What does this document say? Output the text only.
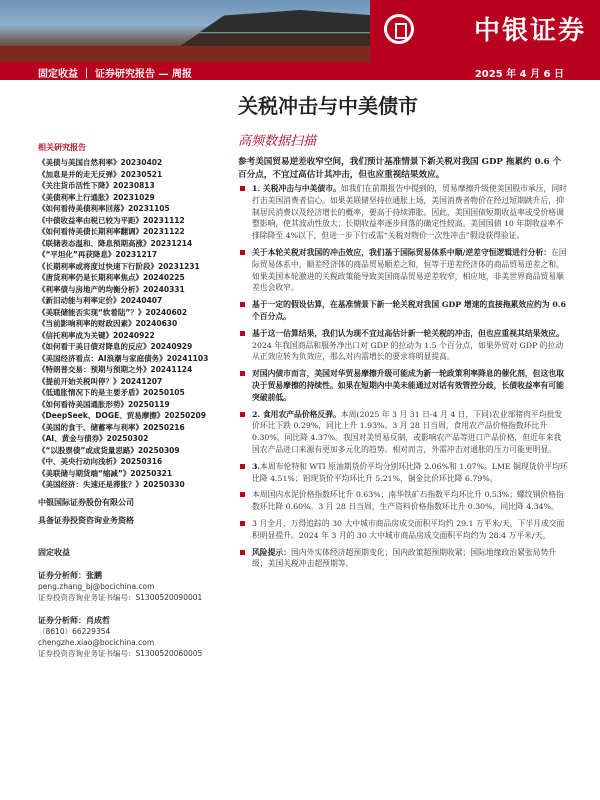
中银证券
固定收益 ｜ 证券研究报告 — 周报	2025 年 4 月 6 日
关税冲击与中美债市
高频数据扫描
相关研究报告
《美债与美国自然利率》20230402
《加息是并的走无反弹》20230521
《关注货币活性下降》20230813
《美债利率上行通胀》20231029
《如何看待美债利率回落》20231105
《中债收益率由税已较为平距》20231112
《如何看待美债长期利率翻调》20231122
《联储表态温和、降息预期高涨》20231214
《“平坦化”再获降息》20231217
《长期利率或将度过快速下行阶段》20231231
《唐货利率仍是长期利率焦点》20240225
《利率债与房地产的均衡分析》20240331
《新旧动能与利率定价》20240407
《美联储能否实现“软着陆”？》20240602
《当前影响利率的财政因素》20240630
《信托利率成为关键》20240922
《如何看干美日债对降息的反应》20240929
《美国经济看点：AI浪潮与家庭债务》20241103
《特朗普交易：预期与预期之外》20241124
《提前开始关税叫停？》20241207
《低通胀情况下的是主要矛盾》20250105
《如何看待美国通胀形势》20250119
《DeepSeek、DOGE、贸易摩擦》20250209
《美国的食干、储蓄率与利率》20250216
《AI、黄金与债券》20250302
《“以股票债”或成货量思路》20250309
《中、美央行动向浅析》20250316
《美联储与期货端“缩减”》20250321
《美国经济：失速还是滞胀？》20250330
中银国际证券股份有限公司
具备证券投资咨询业务资格
固定收益
证券分析师：张鹏
peng.zhang_bj@bocichina.com
证券投资咨询业务证书编号：S1300520090001
证券分析师：肖成哲
（8610）66229354
chengzhe.xiao@bocichina.com
证券投资咨询业务证书编号：S1300520060005
参考美国贸易逆差收窄空间，我们预计基准情景下新关税对我国 GDP 拖累约 0.6 个百分点，不宜过高估计其冲击，但也应重视结果效应。
1. 关税冲击与中美债市。如我们在前期报告中提到的，贸易摩擦升级使美国股市承压，同时打击美国消费者信心。如果美联储坚持拉通胀上场，美国消费者物价在经过短期跳升后，抑制居民消费以及经济增长的概率，要高于持续滞胀。因此，美国国债短期收益率或受价格调整影响，使其波动性放大；长期收益率逐步回落的确定性较高。美国国债 10 年期收益率不排除降至 4%以下，但进一步下行或需“关税对物价一次性冲击”假设获得验证。
关于本轮关税对我国的冲击效应，我们基于国际贸易体系中顺/逆差守恒逻辑进行分析：在国际贸易体系中，顺差经济体的商品贸易顺差之和，恒等于逆差经济体的商品贸易逆差之和。如果美国本轮激进的关税政策能导致美国商品贸易逆差收窄，相应地，非美世界商品贸易顺差也会收窄。
基于一定的假设估算，在基准情景下新一轮关税对我国 GDP 增速的直接拖累效应约为 0.6 个百分点。
基于这一估算结果，我们认为现不宜过高估计新一轮关税的冲击，但也应重视其结果效应。2024 年我国商品和服务净出口对 GDP 的拉动为 1.5 个百分点，如果外贸对 GDP 的拉动从正效应转为负效应，那么对内需增长的要求将明显提高。
对国内债市而言，美国对华贸易摩擦升级可能成为新一轮政策利率降息的催化剂，但这也取决于贸易摩擦的持续性。如果在短期内中美未能通过对话有效管控分歧，长债收益率有可能突破前低。
2. 食用农产品价格反弹。本周(2025 年 3 月 31 日-4 月 4 日，下同)农业部猪肉平均批发价环比下跌 0.29%，同比上升 1.93%。3 月 28 日当周，食用农产品价格指数环比升 0.30%，同比降 4.37%。我国对美贸易反制，或影响农产品等进口产品价格，但近年来我国农产品进口来源有更加多元化的趋势。相对而言，外需冲击对通胀的压力可能更明显。
3.本周布伦特和 WTI 原油期货价平均分别环比降 2.06%和 1.07%。LME 铜现货价平均环比降 4.51%；铝现货价平均环比升 5.21%，铜金比价环比降 6.79%。
本周国内水泥价格指数环比升 0.63%；南华铁矿石指数平均环比升 0.53%；螺纹钢价格指数环比降 0.60%。3 月 28 日当周，生产资料价格指数环比升 0.30%，同比降 4.34%。
3 月全月，万得追踪的 30 大中城市商品房成交面积平均约 29.1 万平米/天，下半月成交面积明显提升。2024 年 3 月的 30 大中城市商品房成交面积平均约为 28.4 万平米/天。
风险提示：国内外实体经济超预期变化；国内政策超预期收紧；国际地缘政治紧张局势升级；美国关税冲击超预期等。
